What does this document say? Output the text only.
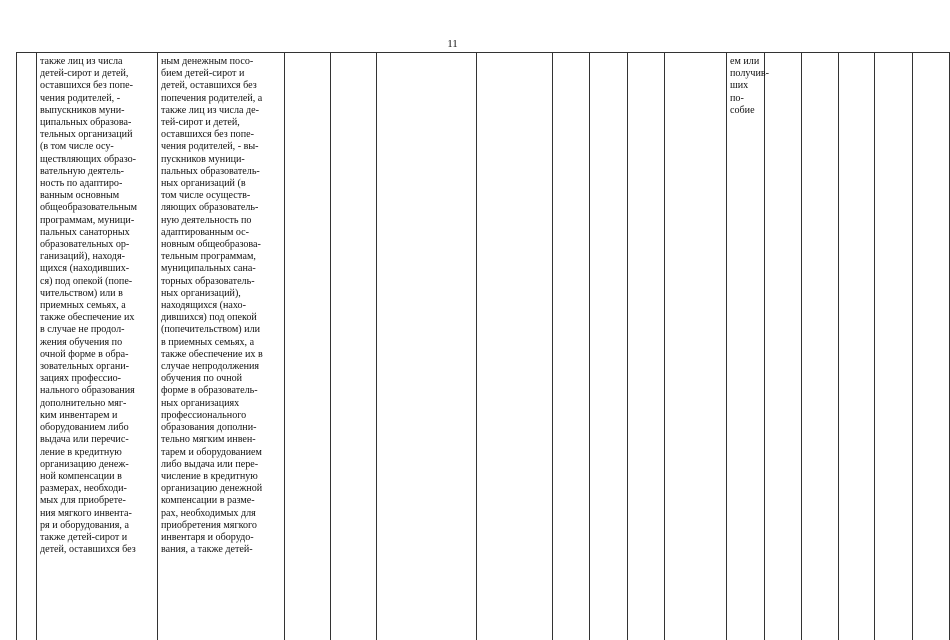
11
	также лиц из числа
детей-сирот и детей,
оставшихся без попе-
чения родителей, -
выпускников муни-
ципальных образова-
тельных организаций
(в том числе осу-
ществляющих образо-
вательную деятель-
ность по адаптиро-
ванным основным
общеобразовательным
программам, муници-
пальных санаторных
образовательных ор-
ганизаций), находя-
щихся (находивших-
ся) под опекой (попе-
чительством) или в
приемных семьях, а
также обеспечение их
в случае не продол-
жения обучения по
очной форме в обра-
зовательных органи-
зациях профессио-
нального образования
дополнительно мяг-
ким инвентарем и
оборудованием либо
выдача или перечис-
ление в кредитную
организацию денеж-
ной компенсации в
размерах, необходи-
мых для приобрете-
ния мягкого инвента-
ря и оборудования, а
также детей-сирот и
детей, оставшихся без	ным денежным посо-
бием детей-сирот и
детей, оставшихся без
попечения родителей, а
также лиц из числа де-
тей-сирот и детей,
оставшихся без попе-
чения родителей, - вы-
пускников муници-
пальных образователь-
ных организаций (в
том числе осуществ-
ляющих образователь-
ную деятельность по
адаптированным ос-
новным общеобразова-
тельным программам,
муниципальных сана-
торных образователь-
ных организаций),
находящихся (нахо-
дившихся) под опекой
(попечительством) или
в приемных семьях, а
также обеспечение их в
случае непродолжения
обучения по очной
форме в образователь-
ных организациях
профессионального
образования дополни-
тельно мягким инвен-
тарем и оборудованием
либо выдача или пере-
числение в кредитную
организацию денежной
компенсации в разме-
рах, необходимых для
приобретения мягкого
инвентаря и оборудо-
вания, а также детей-									ем или
получив-
ших по-
собие					
